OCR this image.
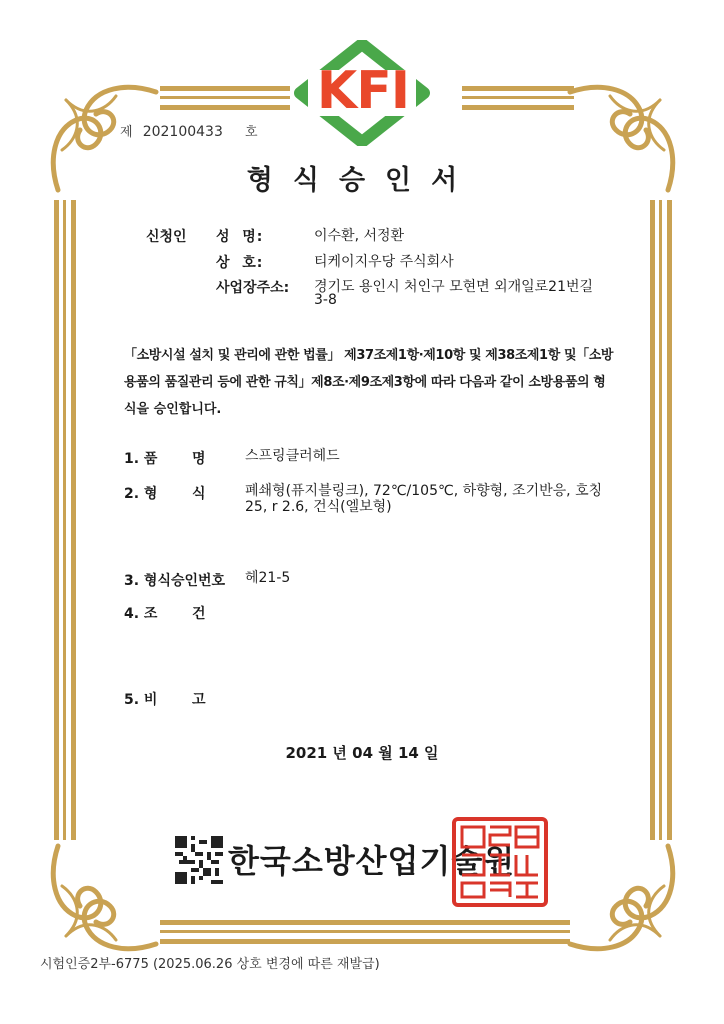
KFI
제 202100433 호
형식승인서
신청인 성  명:	이수환, 서정환
상  호:	티케이지우당 주식회사
사업장주소: 경기도 용인시 처인구 모현면 외개일로21번길
3-8
「소방시설 설치 및 관리에 관한 법률」 제37조제1항·제10항 및 제38조제1항 및「소방
용품의 품질관리 등에 관한 규칙」제8조·제9조제3항에 따라 다음과 같이 소방용품의 형
식을 승인합니다.
1. 품 명	스프링클러헤드
2. 형 식	폐쇄형(퓨지블링크), 72℃/105℃, 하향형, 조기반응, 호칭
25, r 2.6, 건식(엘보형)
3. 형식승인번호 헤21-5
4. 조 건
5. 비 고
2021 년 04 월 14 일
한국소방산업기술원
시험인증2부-6775 (2025.06.26 상호 변경에 따른 재발급)
